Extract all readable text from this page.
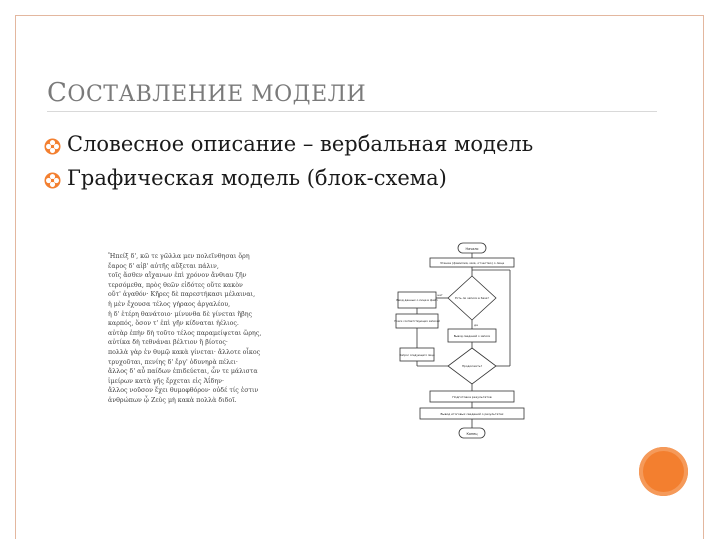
СОСТАВЛЕНИЕ МОДЕЛИ
Словесное описание – вербальная модель
Графическая модель (блок-схема)
Ἤπείξ δ', κῶ τε γῶλλα μεν πολεῖνθησαι ὄρη
ἔαρος δ' αἰβ' αὐτῆς αὔξεται πάλιν,
τοῖς ἄσθεν αἴχανων ἐπὶ χρόνον ἄνθιαυ ζῆν
τερσόμεθα, πρὸς θεῶν εἰδότες οὔτε κακὸν
οὔτ' ἀγαθόν· Κῆρες δὲ παρεστήκασι μέλαιναι,
ἡ μὲν ἔχουσα τέλος γήραος ἀργαλέου,
ἡ δ' ἑτέρη θανάτοιο· μίνυνθα δὲ γίνεται ἥβης
καρπός, ὅσον τ' ἐπὶ γῆν κίδναται ἠέλιος.
αὐτὰρ ἐπὴν δὴ τοῦτο τέλος παραμείψεται ὥρης,
αὐτίκα δὴ τεθνάναι βέλτιον ἢ βίοτος·
πολλὰ γὰρ ἐν θυμῷ κακὰ γίνεται· ἄλλοτε οἶκος
τρυχοῦται, πενίης δ' ἔργ' ὀδυνηρὰ πέλει·
ἄλλος δ' αὖ παίδων ἐπιδεύεται, ὧν τε μάλιστα
ἱμείρων κατὰ γῆς ἔρχεται εἰς Ἀΐδην·
ἄλλος νοῦσον ἔχει θυμοφθόρον· οὐδέ τίς ἐστιν
ἀνθρώπων ᾧ Ζεὺς μὴ κακὰ πολλὰ διδοῖ.
Начало
Чтение (фамилия, имя, отчество) о лице
Есть ли записи в базе?
нет
да
Ввод данных о лице в файл
Поиск соответствующих записей
Вывод сведений о записи
Продолжить?
Запрос следующего лица
Подготовка результатов
Вывод итоговых сведений о результатах
Конец
